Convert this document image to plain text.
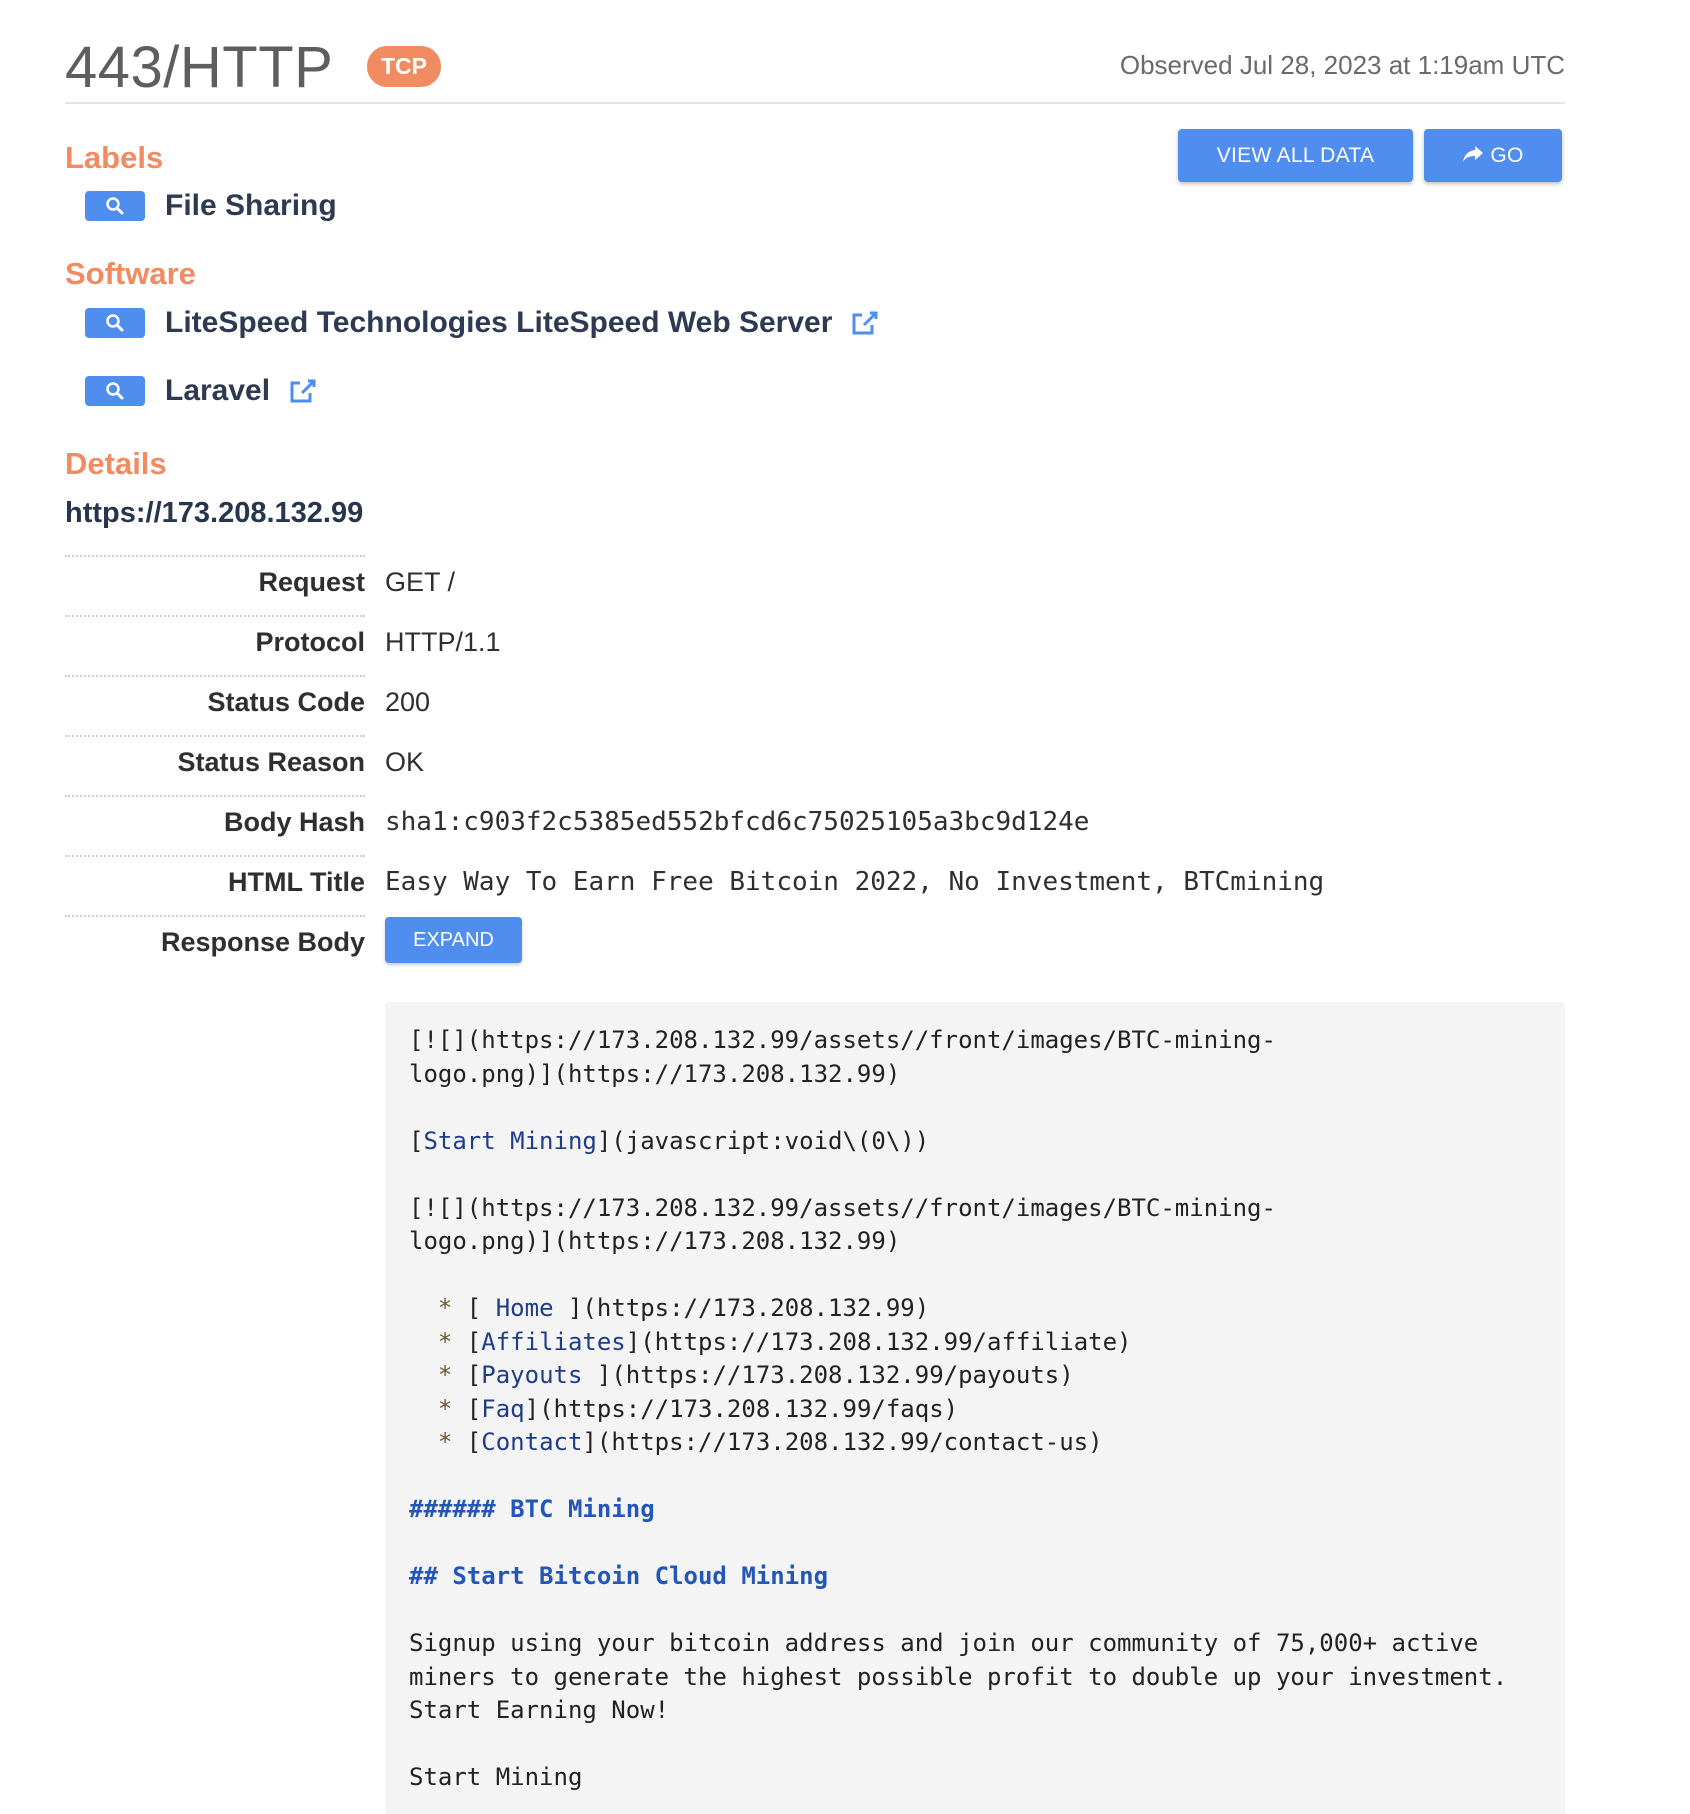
443/HTTP	TCP	Observed Jul 28, 2023 at 1:19am UTC
VIEW ALL DATA	GO
Labels
File Sharing
Software
LiteSpeed Technologies LiteSpeed Web Server
Laravel
Details
https://173.208.132.99
Request GET /
Protocol HTTP/1.1
Status Code 200
Status Reason OK
Body Hash sha1:c903f2c5385ed552bfcd6c75025105a3bc9d124e
HTML Title Easy Way To Earn Free Bitcoin 2022, No Investment, BTCmining
Response Body	EXPAND
[![](https://173.208.132.99/assets//front/images/BTC-mining-
logo.png)](https://173.208.132.99)

[Start Mining](javascript:void\(0\))

[![](https://173.208.132.99/assets//front/images/BTC-mining-
logo.png)](https://173.208.132.99)

* [ Home ](https://173.208.132.99)
* [Affiliates](https://173.208.132.99/affiliate)
* [Payouts ](https://173.208.132.99/payouts)
* [Faq](https://173.208.132.99/faqs)
* [Contact](https://173.208.132.99/contact-us)

###### BTC Mining

## Start Bitcoin Cloud Mining

Signup using your bitcoin address and join our community of 75,000+ active
miners to generate the highest possible profit to double up your investment.
Start Earning Now!

Start Mining
